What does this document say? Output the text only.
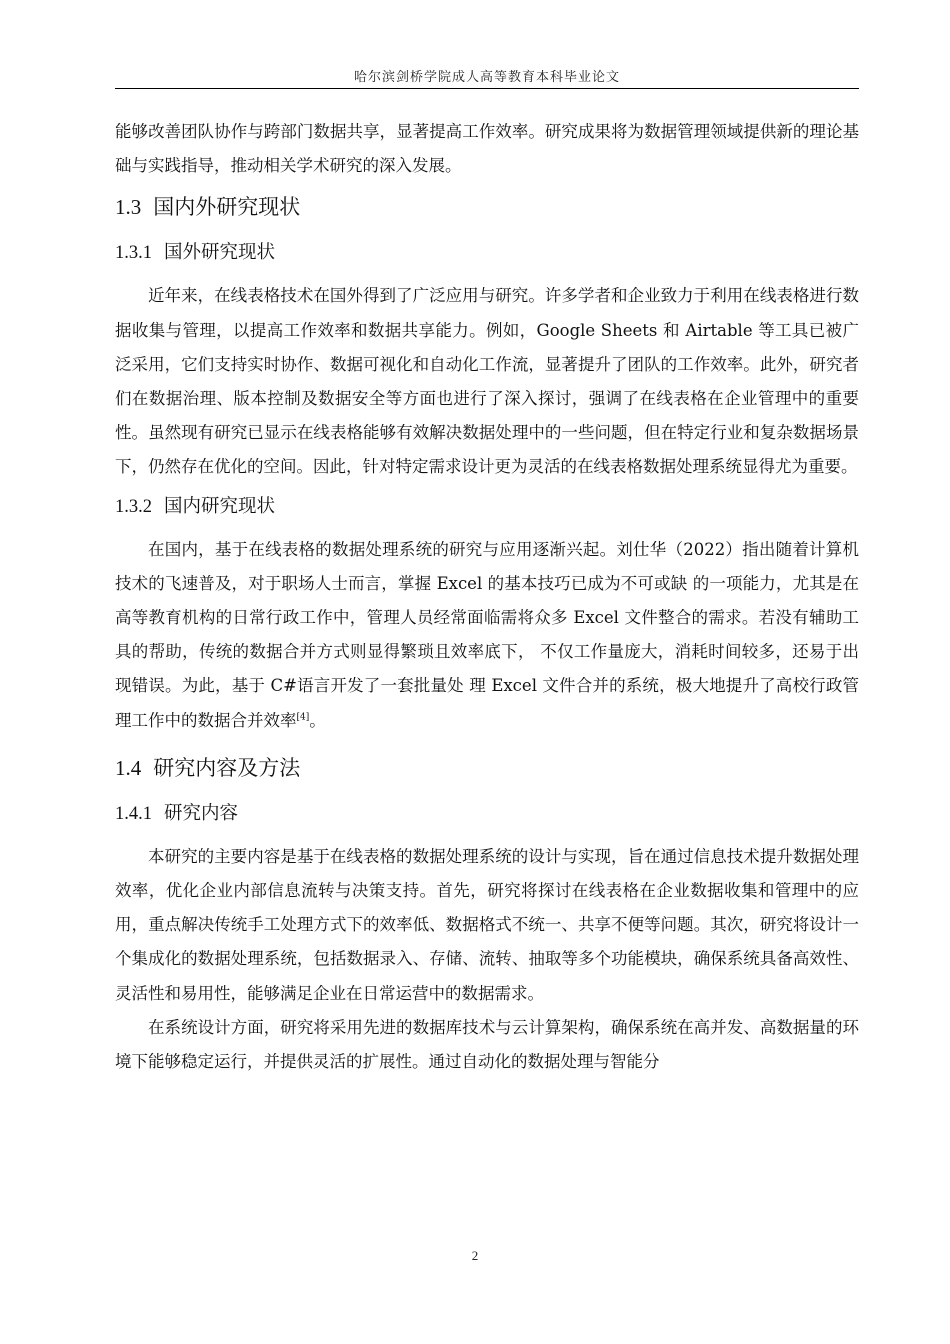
哈尔滨剑桥学院成人高等教育本科毕业论文

能够改善团队协作与跨部门数据共享，显著提高工作效率。研究成果将为数据管理领域提供新的理论基础与实践指导，推动相关学术研究的深入发展。

1.3 国内外研究现状
1.3.1 国外研究现状

近年来，在线表格技术在国外得到了广泛应用与研究。许多学者和企业致力于利用在线表格进行数据收集与管理，以提高工作效率和数据共享能力。例如，Google Sheets 和 Airtable 等工具已被广泛采用，它们支持实时协作、数据可视化和自动化工作流，显著提升了团队的工作效率。此外，研究者们在数据治理、版本控制及数据安全等方面也进行了深入探讨，强调了在线表格在企业管理中的重要性。虽然现有研究已显示在线表格能够有效解决数据处理中的一些问题，但在特定行业和复杂数据场景下，仍然存在优化的空间。因此，针对特定需求设计更为灵活的在线表格数据处理系统显得尤为重要。

1.3.2 国内研究现状

在国内，基于在线表格的数据处理系统的研究与应用逐渐兴起。刘仕华（2022）指出随着计算机技术的飞速普及，对于职场人士而言，掌握 Excel 的基本技巧已成为不可或缺 的一项能力，尤其是在高等教育机构的日常行政工作中，管理人员经常面临需将众多 Excel 文件整合的需求。若没有辅助工具的帮助，传统的数据合并方式则显得繁琐且效率底下， 不仅工作量庞大，消耗时间较多，还易于出现错误。为此，基于 C#语言开发了一套批量处 理 Excel 文件合并的系统，极大地提升了高校行政管理工作中的数据合并效率[4]。

1.4 研究内容及方法
1.4.1 研究内容

本研究的主要内容是基于在线表格的数据处理系统的设计与实现，旨在通过信息技术提升数据处理效率，优化企业内部信息流转与决策支持。首先，研究将探讨在线表格在企业数据收集和管理中的应用，重点解决传统手工处理方式下的效率低、数据格式不统一、共享不便等问题。其次，研究将设计一个集成化的数据处理系统，包括数据录入、存储、流转、抽取等多个功能模块，确保系统具备高效性、灵活性和易用性，能够满足企业在日常运营中的数据需求。

在系统设计方面，研究将采用先进的数据库技术与云计算架构，确保系统在高并发、高数据量的环境下能够稳定运行，并提供灵活的扩展性。通过自动化的数据处理与智能分

2
